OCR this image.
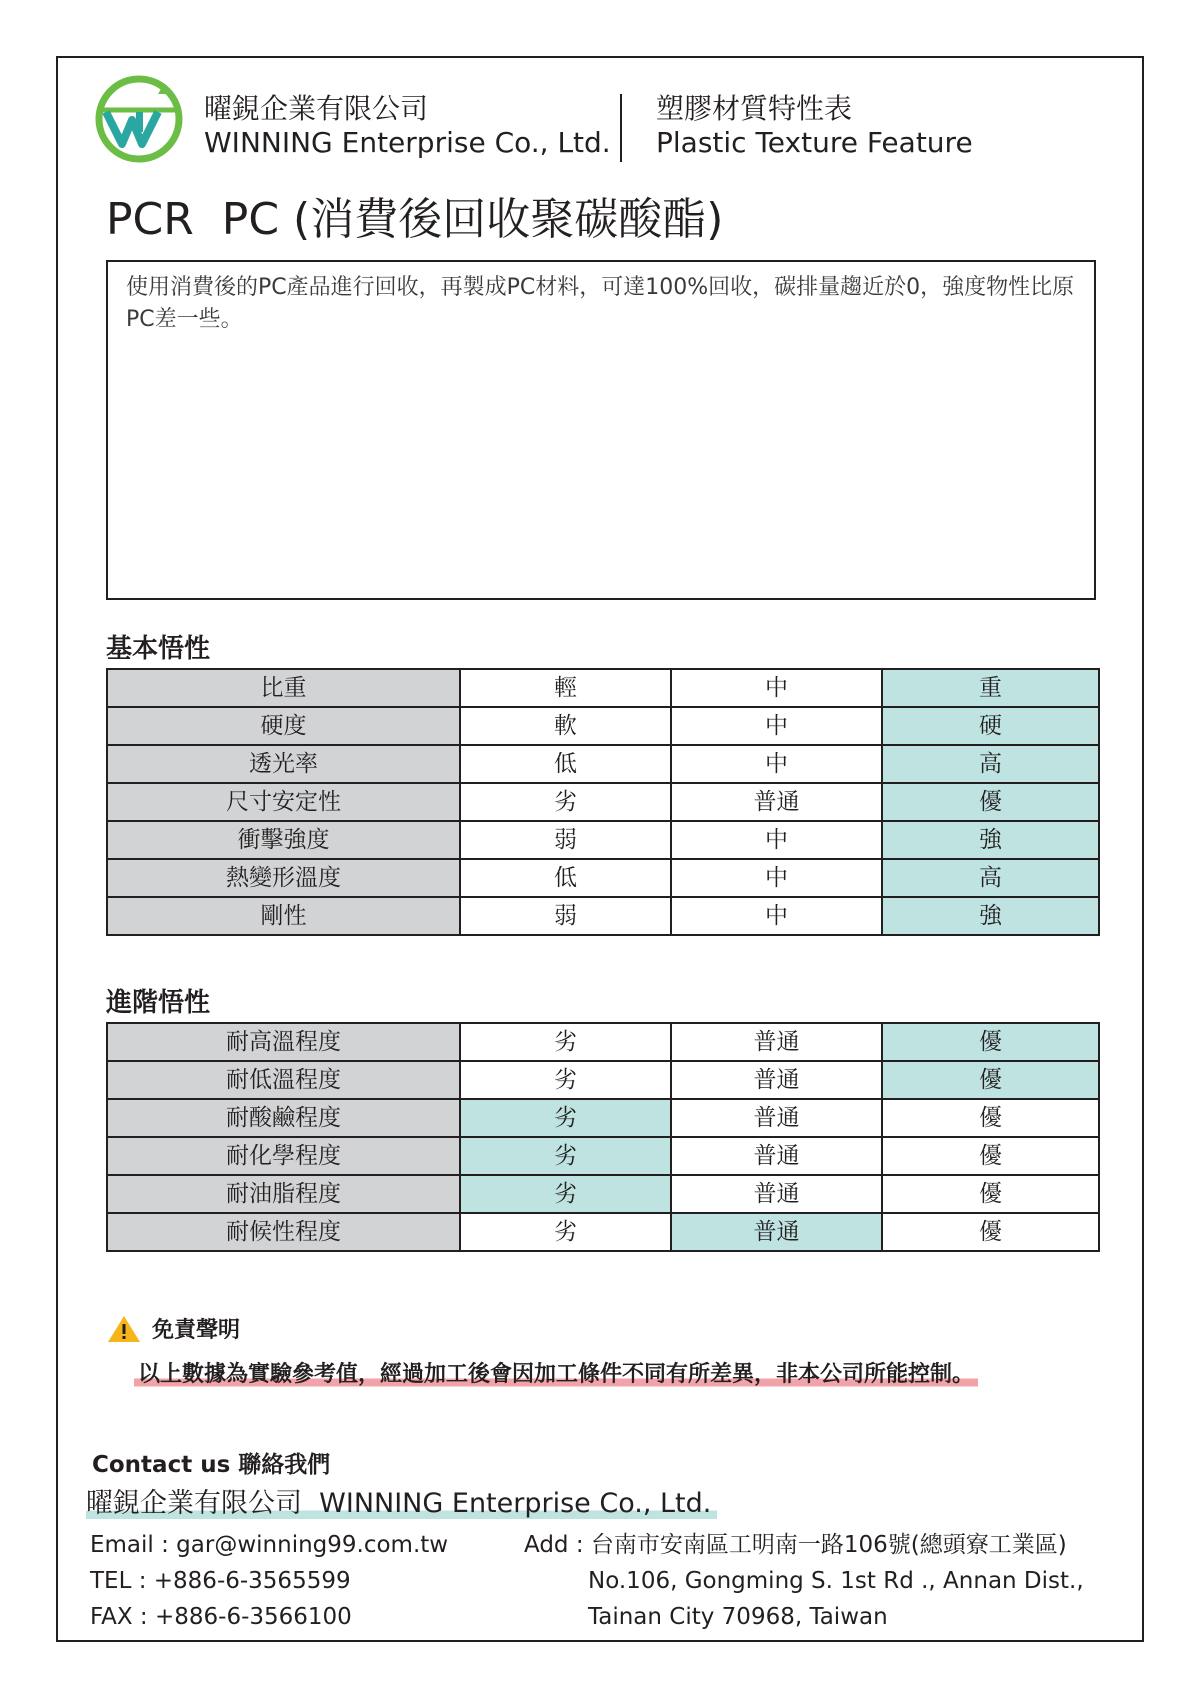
曜鋧企業有限公司
WINNING Enterprise Co., Ltd.
塑膠材質特性表
Plastic Texture Feature
PCR  PC (消費後回收聚碳酸酯)
使用消費後的PC產品進行回收，再製成PC材料，可達100%回收，碳排量趨近於0，強度物性比原PC差一些。
基本悟性
比重	輕	中	重
硬度	軟	中	硬
透光率	低	中	高
尺寸安定性	劣	普通	優
衝擊強度	弱	中	強
熱變形溫度	低	中	高
剛性	弱	中	強
進階悟性
耐高溫程度	劣	普通	優
耐低溫程度	劣	普通	優
耐酸鹼程度	劣	普通	優
耐化學程度	劣	普通	優
耐油脂程度	劣	普通	優
耐候性程度	劣	普通	優
免責聲明
以上數據為實驗參考值，經過加工後會因加工條件不同有所差異，非本公司所能控制。
Contact us 聯絡我們
曜鋧企業有限公司  WINNING Enterprise Co., Ltd.
Email : gar@winning99.com.tw
TEL : +886-6-3565599
FAX : +886-6-3566100
Add : 台南市安南區工明南一路106號(總頭寮工業區)
No.106, Gongming S. 1st Rd ., Annan Dist.,
Tainan City 70968, Taiwan
